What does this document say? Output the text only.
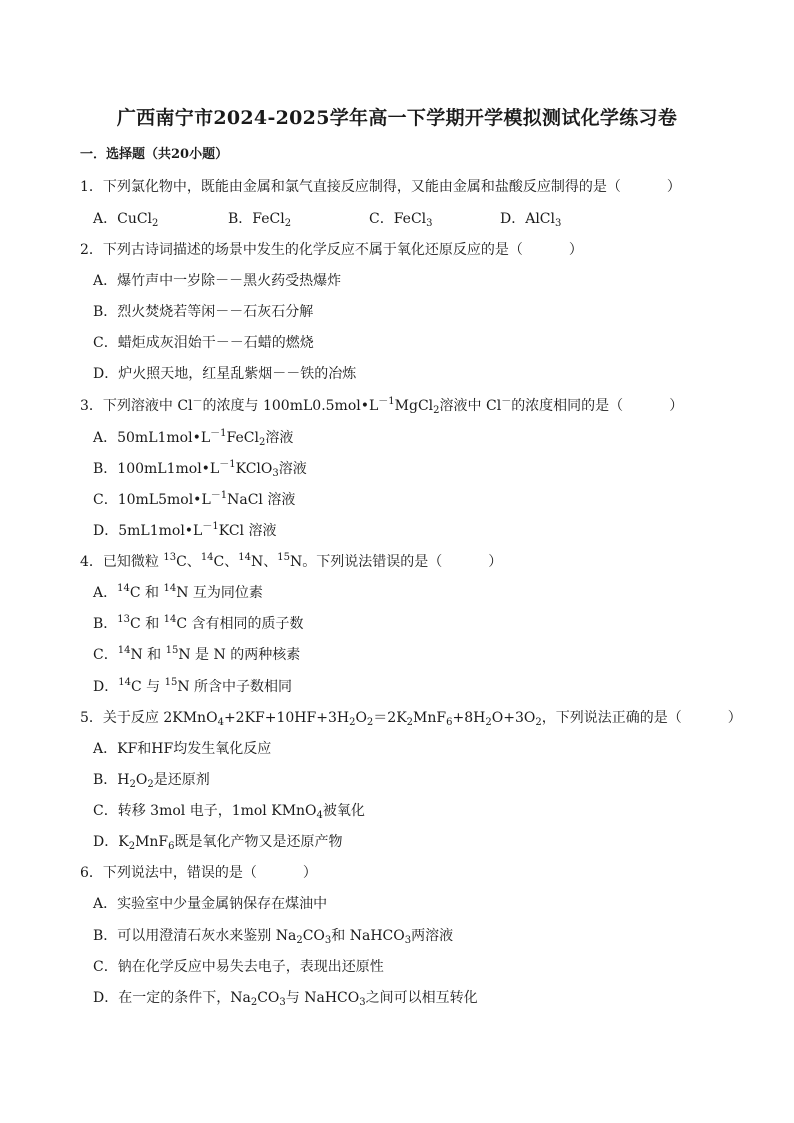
广西南宁市2024-2025学年高一下学期开学模拟测试化学练习卷
一．选择题（共20小题）
1．下列氯化物中，既能由金属和氯气直接反应制得，又能由金属和盐酸反应制得的是（	）
A．CuCl$_2$	B．FeCl$_2$	C．FeCl$_3$	D．AlCl$_3$
2．下列古诗词描述的场景中发生的化学反应不属于氧化还原反应的是（	）
A．爆竹声中一岁除－－黑火药受热爆炸
B．烈火焚烧若等闲－－石灰石分解
C．蜡炬成灰泪始干－－石蜡的燃烧
D．炉火照天地，红星乱紫烟－－铁的冶炼
3．下列溶液中 Cl－的浓度与 $100mL0.5mol•L^{-1}MgCl_2$溶液中 Cl－的浓度相同的是（	）
A．$50mL1mol•L^{-1}FeCl_2$溶液
B．$100mL1mol•L^{-1}KClO_3$溶液
C．$10mL5mol•L^{-1}NaCl$ 溶液
D．$5mL1mol•L^{-1}KCl$ 溶液
4．已知微粒 $^{13}$C、$^{14}$C、$^{14}$N、$^{15}$N。下列说法错误的是（	）
A．$^{14}$C 和 $^{14}$N 互为同位素
B．$^{13}$C 和 $^{14}$C 含有相同的质子数
C．$^{14}$N 和 $^{15}$N 是 N 的两种核素
D．$^{14}$C 与 $^{15}$N 所含中子数相同
5．关于反应 $2KMnO_4+2KF+10HF+3H_2O_2=2K_2MnF_6+8H_2O+3O_2$，下列说法正确的是（	）
A．KF和HF均发生氧化反应
B．$H_2O_2$是还原剂
C．转移 3mol 电子，1mol KMnO$_4$被氧化
D．$K_2MnF_6$既是氧化产物又是还原产物
6．下列说法中，错误的是（	）
A．实验室中少量金属钠保存在煤油中
B．可以用澄清石灰水来鉴别 $Na_2CO_3$和 NaHCO$_3$两溶液
C．钠在化学反应中易失去电子，表现出还原性
D．在一定的条件下，$Na_2CO_3$与 NaHCO$_3$之间可以相互转化
